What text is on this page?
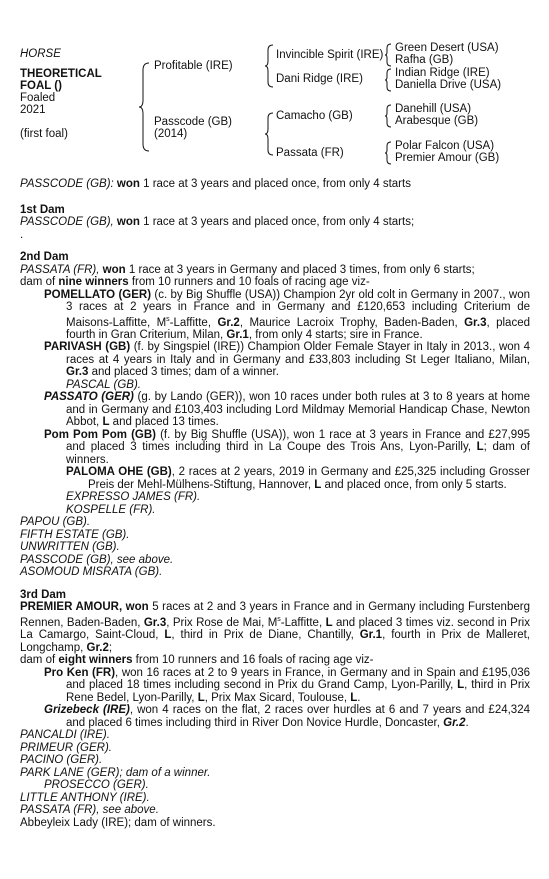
HORSE
THEORETICAL
FOAL ()
Foaled
2021
(first foal)
Profitable (IRE)
Passcode (GB)
(2014)
Invincible Spirit (IRE)
Dani Ridge (IRE)
Camacho (GB)
Passata (FR)
Green Desert (USA)
Rafha (GB)
Indian Ridge (IRE)
Daniella Drive (USA)
Danehill (USA)
Arabesque (GB)
Polar Falcon (USA)
Premier Amour (GB)

PASSCODE (GB): won 1 race at 3 years and placed once, from only 4 starts

1st Dam

PASSCODE (GB), won 1 race at 3 years and placed once, from only 4 starts;

.

2nd Dam

PASSATA (FR), won 1 race at 3 years in Germany and placed 3 times, from only 6 starts;

dam of nine winners from 10 runners and 10 foals of racing age viz-

POMELLATO (GER) (c. by Big Shuffle (USA)) Champion 2yr old colt in Germany in 2007., won 3 races at 2 years in France and in Germany and £120,653 including Criterium de Maisons-Laffitte, $M^s$-Laffitte, Gr.2, Maurice Lacroix Trophy, Baden-Baden, Gr.3, placed fourth in Gran Criterium, Milan, Gr.1, from only 4 starts; sire in France.

PARIVASH (GB) (f. by Singspiel (IRE)) Champion Older Female Stayer in Italy in 2013., won 4 races at 4 years in Italy and in Germany and £33,803 including St Leger Italiano, Milan, Gr.3 and placed 3 times; dam of a winner.

PASCAL (GB).

PASSATO (GER) (g. by Lando (GER)), won 10 races under both rules at 3 to 8 years at home and in Germany and £103,403 including Lord Mildmay Memorial Handicap Chase, Newton Abbot, L and placed 13 times.

Pom Pom Pom (GB) (f. by Big Shuffle (USA)), won 1 race at 3 years in France and £27,995 and placed 3 times including third in La Coupe des Trois Ans, Lyon-Parilly, L; dam of winners.

PALOMA OHE (GB), 2 races at 2 years, 2019 in Germany and £25,325 including Grosser Preis der Mehl-Mülhens-Stiftung, Hannover, L and placed once, from only 5 starts.

EXPRESSO JAMES (FR).

KOSPELLE (FR).

PAPOU (GB).

FIFTH ESTATE (GB).

UNWRITTEN (GB).

PASSCODE (GB), see above.

ASOMOUD MISRATA (GB).

3rd Dam

PREMIER AMOUR, won 5 races at 2 and 3 years in France and in Germany including Furstenberg Rennen, Baden-Baden, Gr.3, Prix Rose de Mai, $M^s$-Laffitte, L and placed 3 times viz. second in Prix La Camargo, Saint-Cloud, L, third in Prix de Diane, Chantilly, Gr.1, fourth in Prix de Malleret, Longchamp, Gr.2;

dam of eight winners from 10 runners and 16 foals of racing age viz-

Pro Ken (FR), won 16 races at 2 to 9 years in France, in Germany and in Spain and £195,036 and placed 18 times including second in Prix du Grand Camp, Lyon-Parilly, L, third in Prix Rene Bedel, Lyon-Parilly, L, Prix Max Sicard, Toulouse, L.

Grizebeck (IRE), won 4 races on the flat, 2 races over hurdles at 6 and 7 years and £24,324 and placed 6 times including third in River Don Novice Hurdle, Doncaster, Gr.2.

PANCALDI (IRE).

PRIMEUR (GER).

PACINO (GER).

PARK LANE (GER); dam of a winner.

PROSECCO (GER).

LITTLE ANTHONY (IRE).

PASSATA (FR), see above.

Abbeyleix Lady (IRE); dam of winners.
